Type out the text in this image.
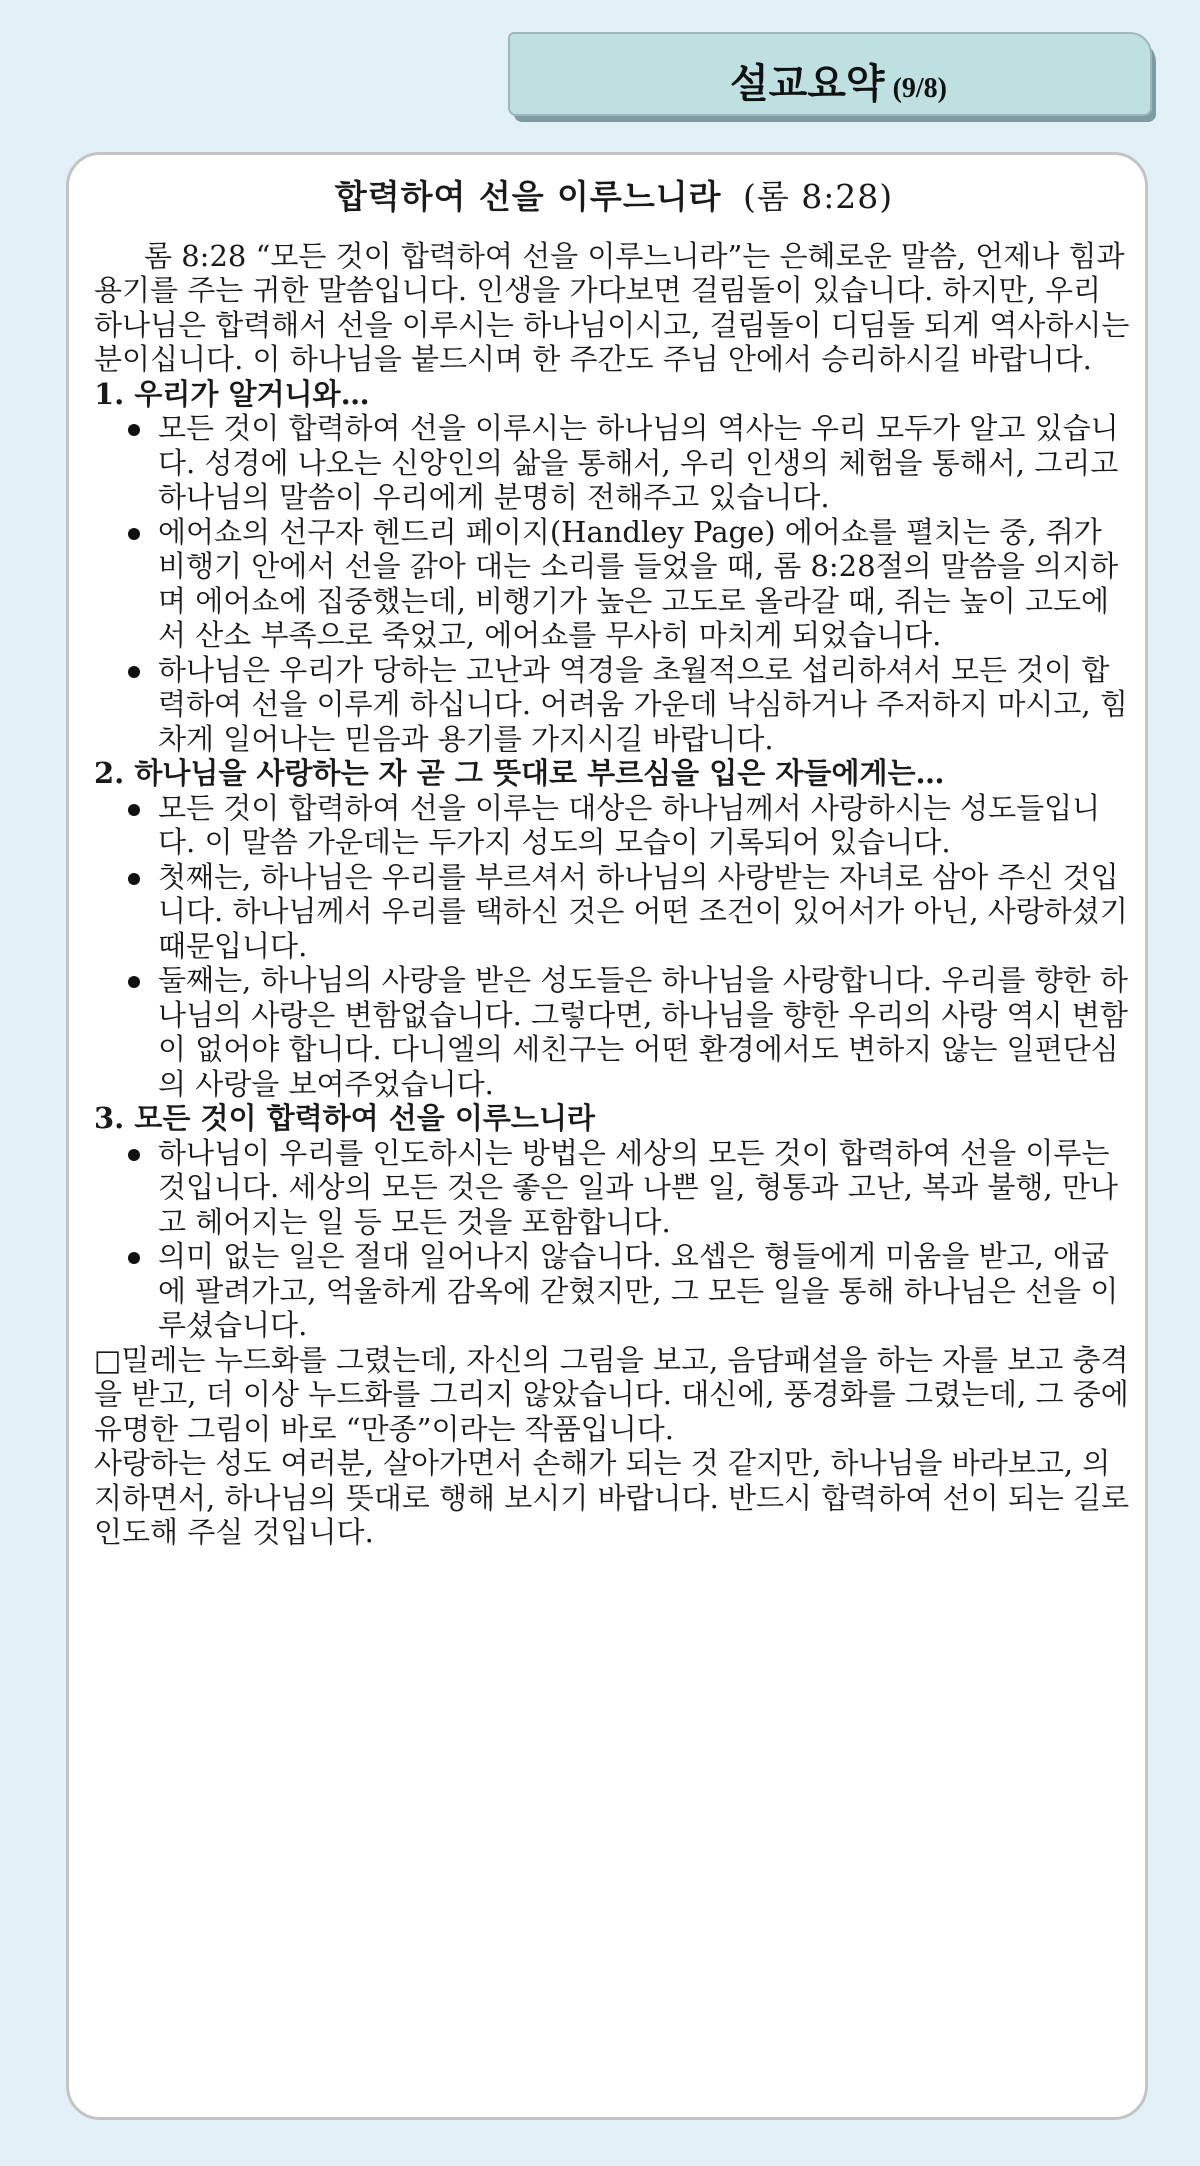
설교요약 (9/8)
합력하여 선을 이루느니라 (롬 8:28)

롬 8:28 “모든 것이 합력하여 선을 이루느니라”는 은혜로운 말씀, 언제나 힘과 용기를 주는 귀한 말씀입니다. 인생을 가다보면 걸림돌이 있습니다. 하지만, 우리 하나님은 합력해서 선을 이루시는 하나님이시고, 걸림돌이 디딤돌 되게 역사하시는 분이십니다. 이 하나님을 붙드시며 한 주간도 주님 안에서 승리하시길 바랍니다.

1. 우리가 알거니와…

모든 것이 합력하여 선을 이루시는 하나님의 역사는 우리 모두가 알고 있습니다. 성경에 나오는 신앙인의 삶을 통해서, 우리 인생의 체험을 통해서, 그리고 하나님의 말씀이 우리에게 분명히 전해주고 있습니다.
에어쇼의 선구자 헨드리 페이지(Handley Page) 에어쇼를 펼치는 중, 쥐가 비행기 안에서 선을 갉아 대는 소리를 들었을 때, 롬 8:28절의 말씀을 의지하며 에어쇼에 집중했는데, 비행기가 높은 고도로 올라갈 때, 쥐는 높이 고도에서 산소 부족으로 죽었고, 에어쇼를 무사히 마치게 되었습니다.
하나님은 우리가 당하는 고난과 역경을 초월적으로 섭리하셔서 모든 것이 합력하여 선을 이루게 하십니다. 어려움 가운데 낙심하거나 주저하지 마시고, 힘차게 일어나는 믿음과 용기를 가지시길 바랍니다.

2. 하나님을 사랑하는 자 곧 그 뜻대로 부르심을 입은 자들에게는…

모든 것이 합력하여 선을 이루는 대상은 하나님께서 사랑하시는 성도들입니다. 이 말씀 가운데는 두가지 성도의 모습이 기록되어 있습니다.
첫째는, 하나님은 우리를 부르셔서 하나님의 사랑받는 자녀로 삼아 주신 것입니다. 하나님께서 우리를 택하신 것은 어떤 조건이 있어서가 아닌, 사랑하셨기 때문입니다.
둘째는, 하나님의 사랑을 받은 성도들은 하나님을 사랑합니다. 우리를 향한 하나님의 사랑은 변함없습니다. 그렇다면, 하나님을 향한 우리의 사랑 역시 변함이 없어야 합니다. 다니엘의 세친구는 어떤 환경에서도 변하지 않는 일편단심의 사랑을 보여주었습니다.

3. 모든 것이 합력하여 선을 이루느니라

하나님이 우리를 인도하시는 방법은 세상의 모든 것이 합력하여 선을 이루는 것입니다. 세상의 모든 것은 좋은 일과 나쁜 일, 형통과 고난, 복과 불행, 만나고 헤어지는 일 등 모든 것을 포함합니다.
의미 없는 일은 절대 일어나지 않습니다. 요셉은 형들에게 미움을 받고, 애굽에 팔려가고, 억울하게 감옥에 갇혔지만, 그 모든 일을 통해 하나님은 선을 이루셨습니다.

□밀레는 누드화를 그렸는데, 자신의 그림을 보고, 음담패설을 하는 자를 보고 충격을 받고, 더 이상 누드화를 그리지 않았습니다. 대신에, 풍경화를 그렸는데, 그 중에 유명한 그림이 바로 “만종”이라는 작품입니다.

사랑하는 성도 여러분, 살아가면서 손해가 되는 것 같지만, 하나님을 바라보고, 의지하면서, 하나님의 뜻대로 행해 보시기 바랍니다. 반드시 합력하여 선이 되는 길로 인도해 주실 것입니다.
